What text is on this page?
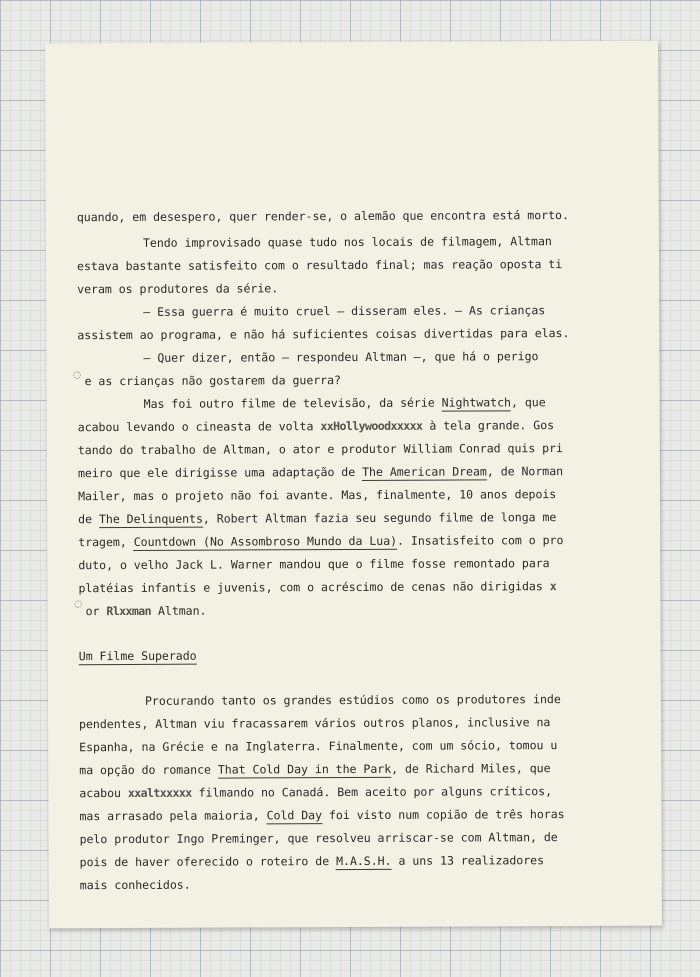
quando, em desespero, quer render-se, o alemão que encontra está morto.
Tendo improvisado quase tudo nos locais de filmagem, Altman
estava bastante satisfeito com o resultado final; mas reação oposta ti
veram os produtores da série.
— Essa guerra é muito cruel — disseram eles. — As crianças
assistem ao programa, e não há suficientes coisas divertidas para elas.
— Quer dizer, então — respondeu Altman —, que há o perigo
◌ e as crianças não gostarem da guerra?
Mas foi outro filme de televisão, da série Nightwatch, que
acabou levando o cineasta de volta xxHollywoodxxxxx à tela grande. Gos
tando do trabalho de Altman, o ator e produtor William Conrad quis pri
meiro que ele dirigisse uma adaptação de The American Dream, de Norman
Mailer, mas o projeto não foi avante. Mas, finalmente, 10 anos depois
de The Delinquents, Robert Altman fazia seu segundo filme de longa me
tragem, Countdown (No Assombroso Mundo da Lua). Insatisfeito com o pro
duto, o velho Jack L. Warner mandou que o filme fosse remontado para
platéias infantis e juvenis, com o acréscimo de cenas não dirigidas x
◌
or Rlxxman Altman.
Um Filme Superado
Procurando tanto os grandes estúdios como os produtores inde
pendentes, Altman viu fracassarem vários outros planos, inclusive na
Espanha, na Grécie e na Inglaterra. Finalmente, com um sócio, tomou u
ma opção do romance That Cold Day in the Park, de Richard Miles, que
acabou xxaltxxxxx filmando no Canadá. Bem aceito por alguns críticos,
mas arrasado pela maioria, Cold Day foi visto num copião de três horas
pelo produtor Ingo Preminger, que resolveu arriscar-se com Altman, de
pois de haver oferecido o roteiro de M.A.S.H. a uns 13 realizadores
mais conhecidos.
